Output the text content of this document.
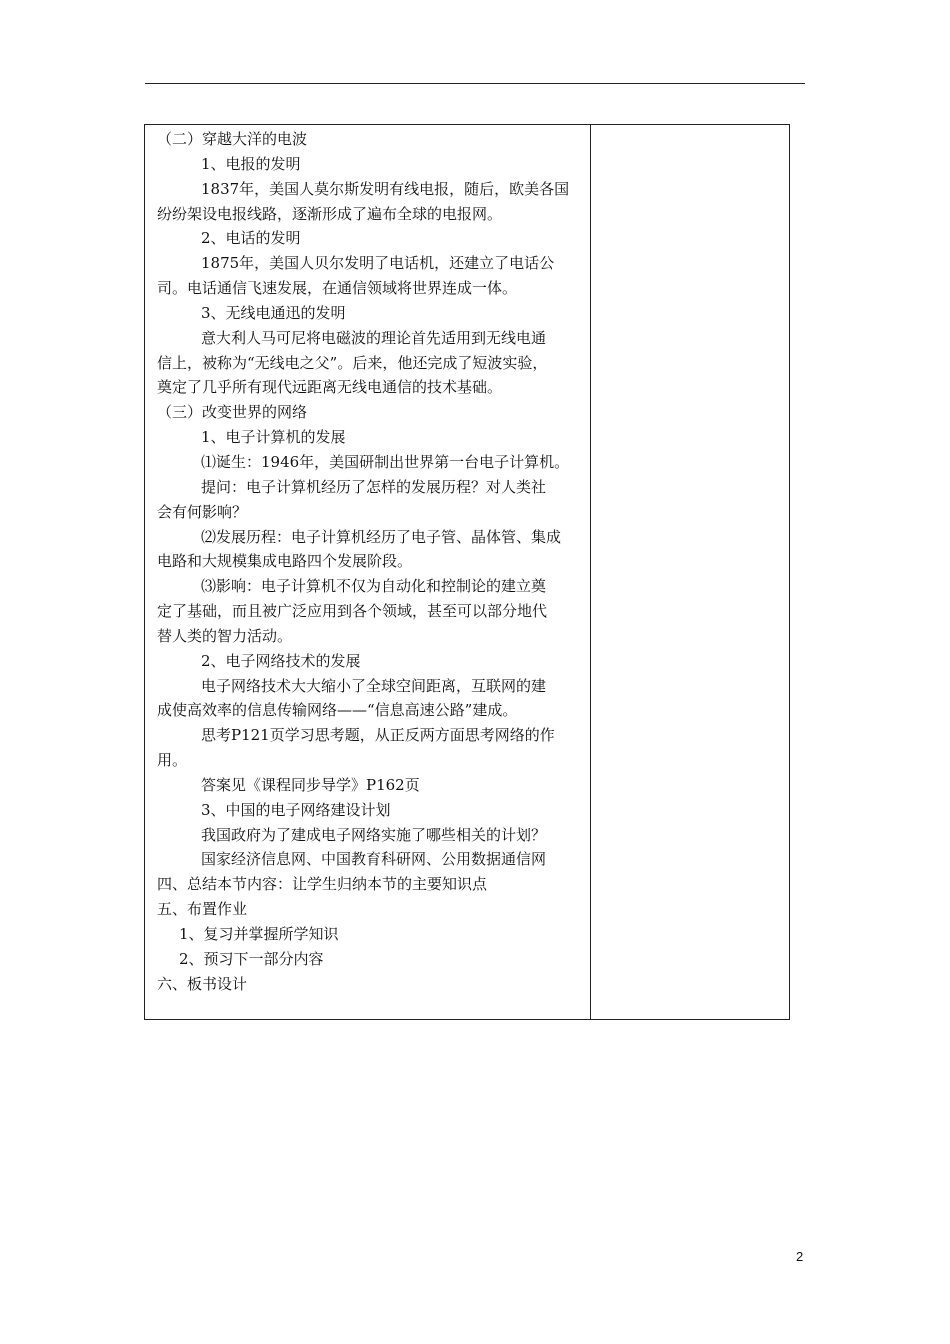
（二）穿越大洋的电波
1、电报的发明
1837年，美国人莫尔斯发明有线电报，随后，欧美各国
纷纷架设电报线路，逐渐形成了遍布全球的电报网。
2、电话的发明
1875年，美国人贝尔发明了电话机，还建立了电话公
司。电话通信飞速发展，在通信领域将世界连成一体。
3、无线电通迅的发明
意大利人马可尼将电磁波的理论首先适用到无线电通
信上，被称为“无线电之父”。后来，他还完成了短波实验，
奠定了几乎所有现代远距离无线电通信的技术基础。
（三）改变世界的网络
1、电子计算机的发展
⑴诞生：1946年，美国研制出世界第一台电子计算机。
提问：电子计算机经历了怎样的发展历程？对人类社
会有何影响？
⑵发展历程：电子计算机经历了电子管、晶体管、集成
电路和大规模集成电路四个发展阶段。
⑶影响：电子计算机不仅为自动化和控制论的建立奠
定了基础，而且被广泛应用到各个领域，甚至可以部分地代
替人类的智力活动。
2、电子网络技术的发展
电子网络技术大大缩小了全球空间距离，互联网的建
成使高效率的信息传输网络——“信息高速公路”建成。
思考P121页学习思考题，从正反两方面思考网络的作
用。
答案见《课程同步导学》P162页
3、中国的电子网络建设计划
我国政府为了建成电子网络实施了哪些相关的计划？
国家经济信息网、中国教育科研网、公用数据通信网
四、总结本节内容：让学生归纳本节的主要知识点
五、布置作业
1、复习并掌握所学知识
2、预习下一部分内容
六、板书设计
2
